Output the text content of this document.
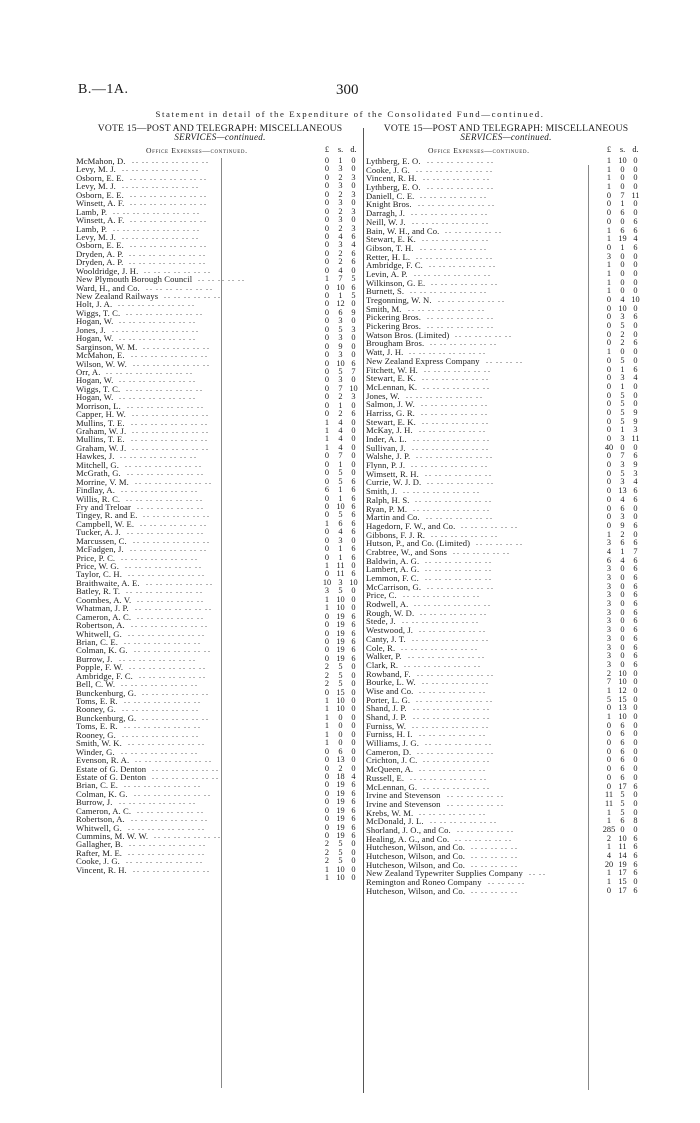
B.—1A.	300
Statement in detail of the Expenditure of the Consolidated Fund—continued.
VOTE 15—POST AND TELEGRAPH: MISCELLANEOUS
SERVICES—continued.
Office Expenses—continued.	£	s. d.
McMahon, D.	0	1	0
. .  . .  . .  . .  . .  . .  . .  . .
Levy, M. J.	0	3	0
. .  . .  . .  . .  . .  . .  . .  . .
Osborn, E. E.	0	2	3
. .  . .  . .  . .  . .  . .  . .  . .
Levy, M. J.	0	3	0
. .  . .  . .  . .  . .  . .  . .  . .
Osborn, E. E.	0	2	3
. .  . .  . .  . .  . .  . .  . .  . .
Winsett, A. F.	0	3	0
. .  . .  . .  . .  . .  . .  . .  . .
Lamb, P.	0	2	3
. .  . .  . .  . .  . .  . .  . .  . .  . .
Winsett, A. F.	0	3	0
. .  . .  . .  . .  . .  . .  . .  . .
Lamb, P.	0	2	3
. .  . .  . .  . .  . .  . .  . .  . .  . .
Levy, M. J.	0	4	6
. .  . .  . .  . .  . .  . .  . .  . .
Osborn, E. E.	0	3	4
. .  . .  . .  . .  . .  . .  . .  . .
Dryden, A. P.	0	2	6
. .  . .  . .  . .  . .  . .  . .  . .
Dryden, A. P.	0	2	6
. .  . .  . .  . .  . .  . .  . .  . .
Wooldridge, J. H.	0	4	0
. .  . .  . .  . .  . .  . .  . .
New Plymouth Borough Council	1	7	5
. .  . .  . .  . .  . .
Ward, H., and Co.	0 10 6
. .  . .  . .  . .  . .  . .  . .
New Zealand Railways	0	1	5
. .  . .  . .  . .  . .  . .
Holt, J. A.	0 12 0
. .  . .  . .  . .  . .  . .  . .  . .
Wiggs, T. C.	0	6	9
. .  . .  . .  . .  . .  . .  . .  . .
Hogan, W.	0	3	0
. .  . .  . .  . .  . .  . .  . .  . .
Jones, J.	0	5	3
. .  . .  . .  . .  . .  . .  . .  . .  . .
Hogan, W.	0	3	0
. .  . .  . .  . .  . .  . .  . .  . .
Sarginson, W. M.	0	9	0
. .  . .  . .  . .  . .  . .  . .
McMahon, E.	0	3	0
. .  . .  . .  . .  . .  . .  . .  . .
Wilson, W. W.	0 10 6
. .  . .  . .  . .  . .  . .  . .  . .
Orr, A.	0	5	7
. .  . .  . .  . .  . .  . .  . .  . .  . .
Hogan, W.	0	3	0
. .  . .  . .  . .  . .  . .  . .  . .
Wiggs, T. C.	0	7 10
. .  . .  . .  . .  . .  . .  . .  . .
Hogan, W.	0	2	3
. .  . .  . .  . .  . .  . .  . .  . .
Morrison, L.	0	1	0
. .  . .  . .  . .  . .  . .  . .  . .
Capper, H. W.	0	2	6
. .  . .  . .  . .  . .  . .  . .  . .
Mullins, T. E.	1	4	0
. .  . .  . .  . .  . .  . .  . .  . .
Graham, W. J.	1	4	0
. .  . .  . .  . .  . .  . .  . .  . .
Mullins, T. E.	1	4	0
. .  . .  . .  . .  . .  . .  . .  . .
Graham, W. J.	1	4	0
. .  . .  . .  . .  . .  . .  . .  . .
Hawkes, J.	0	7	0
. .  . .  . .  . .  . .  . .  . .  . .
Mitchell, G.	0	1	0
. .  . .  . .  . .  . .  . .  . .  . .
McGrath, G.	0	5	0
. .  . .  . .  . .  . .  . .  . .  . .
Morrine, V. M.	0	5	6
. .  . .  . .  . .  . .  . .  . .  . .
Findlay, A.	6	1	6
. .  . .  . .  . .  . .  . .  . .  . .
Willis, R. C.	0	1	6
. .  . .  . .  . .  . .  . .  . .  . .
Fry and Treloar	0 10 6
. .  . .  . .  . .  . .  . .  . .
Tingey, R. and E.	0	5	6
. .  . .  . .  . .  . .  . .  . .
Campbell, W. E.	1	6	6
. .  . .  . .  . .  . .  . .  . .
Tucker, A. J.	0	4	6
. .  . .  . .  . .  . .  . .  . .  . .
Marcussen, C.	0	3	0
. .  . .  . .  . .  . .  . .  . .  . .
McFadgen, J.	0	1	6
. .  . .  . .  . .  . .  . .  . .  . .
Price, P. C.	0	1	6
. .  . .  . .  . .  . .  . .  . .  . .
Price, W. G.	1 11 0
. .  . .  . .  . .  . .  . .  . .  . .
Taylor, C. H.	0 11 6
. .  . .  . .  . .  . .  . .  . .  . .
Braithwaite, A. E.	10 3 10
. .  . .  . .  . .  . .  . .  . .
Batley, R. T.	3	5	0
. .  . .  . .  . .  . .  . .  . .  . .
Coombes, A. V.	1 10 0
. .  . .  . .  . .  . .  . .  . .
Whatman, J. P.	1 10 0
. .  . .  . .  . .  . .  . .  . .  . .
Cameron, A. C.	0 19 6
. .  . .  . .  . .  . .  . .  . .
Robertson, A.	0 19 6
. .  . .  . .  . .  . .  . .  . .  . .
Whitwell, G.	0 19 6
. .  . .  . .  . .  . .  . .  . .  . .
Brian, C. E.	0 19 6
. .  . .  . .  . .  . .  . .  . .  . .
Colman, K. G.	0 19 6
. .  . .  . .  . .  . .  . .  . .  . .
Burrow, J.	0 19 6
. .  . .  . .  . .  . .  . .  . .  . .
Popple, F. W.	2	5	0
. .  . .  . .  . .  . .  . .  . .  . .
Ambridge, F. C.	2	5	0
. .  . .  . .  . .  . .  . .  . .
Bell, C. W.	2	5	0
. .  . .  . .  . .  . .  . .  . .  . .
Bunckenburg, G.	0 15 0
. .  . .  . .  . .  . .  . .  . .
Toms, E. R.	1 10 0
. .  . .  . .  . .  . .  . .  . .  . .
Rooney, G.	1 10 0
. .  . .  . .  . .  . .  . .  . .  . .
Bunckenburg, G.	1	0	0
. .  . .  . .  . .  . .  . .  . .
Toms, E. R.	1	0	0
. .  . .  . .  . .  . .  . .  . .  . .
Rooney, G.	1	0	0
. .  . .  . .  . .  . .  . .  . .  . .
Smith, W. K.	1	0	0
. .  . .  . .  . .  . .  . .  . .  . .
Winder, G.	0	6	0
. .  . .  . .  . .  . .  . .  . .  . .
Evenson, R. A.	0 13 0
. .  . .  . .  . .  . .  . .  . .  . .
Estate of G. Denton	0	2	0
. .  . .  . .  . .  . .  . .  . .
Estate of G. Denton	0 18 4
. .  . .  . .  . .  . .  . .  . .
Brian, C. E.	0 19 6
. .  . .  . .  . .  . .  . .  . .  . .
Colman, K. G.	0 19 6
. .  . .  . .  . .  . .  . .  . .  . .
Burrow, J.	0 19 6
. .  . .  . .  . .  . .  . .  . .  . .
Cameron, A. C.	0 19 6
. .  . .  . .  . .  . .  . .  . .
Robertson, A.	0 19 6
. .  . .  . .  . .  . .  . .  . .  . .
Whitwell, G.	0 19 6
. .  . .  . .  . .  . .  . .  . .  . .
Cummins, M. W. W.	0 19 6
. .  . .  . .  . .  . .  . .  . .
Gallagher, B.	2	5	0
. .  . .  . .  . .  . .  . .  . .  . .
Rafter, M. E.	2	5	0
. .  . .  . .  . .  . .  . .  . .  . .
Cooke, J. G.	2	5	0
. .  . .  . .  . .  . .  . .  . .  . .
Vincent, R. H.	1 10 0
. .  . .  . .  . .  . .  . .  . .  . .
1 10 0
VOTE 15—POST AND TELEGRAPH: MISCELLANEOUS
SERVICES—continued.
Office Expenses—continued.	£	s. d.
Lythberg, E. O.	1 10 0
. .  . .  . .  . .  . .  . .  . .
Cooke, J. G.	1	0	0
. .  . .  . .  . .  . .  . .  . .  . .
Vincent, R. H.	1	0	0
. .  . .  . .  . .  . .  . .  . .
Lythberg, E. O.	1	0	0
. .  . .  . .  . .  . .  . .  . .
Daniell, C. E.	0	7 11
. .  . .  . .  . .  . .  . .  . .
Knight Bros.	0	1	0
. .  . .  . .  . .  . .  . .  . .  . .
Darragh, J.	0	6	0
. .  . .  . .  . .  . .  . .  . .  . .
Neill, W. J.	0	0	6
. .  . .  . .  . .  . .  . .  . .  . .
Bain, W. H., and Co.	1	6	6
. .  . .  . .  . .  . .  . .
Stewart, E. K.	1 19 4
. .  . .  . .  . .  . .  . .  . .
Gibson, T. H.	0	1	6
. .  . .  . .  . .  . .  . .  . .
Retter, H. L.	3	0	0
. .  . .  . .  . .  . .  . .  . .  . .
Ambridge, F. C.	1	0	0
. .  . .  . .  . .  . .  . .  . .
Levin, A. P.	1	0	0
. .  . .  . .  . .  . .  . .  . .  . .
Wilkinson, G. E.	1	0	0
. .  . .  . .  . .  . .  . .  . .
Burnett, S.	1	0	0
. .  . .  . .  . .  . .  . .  . .  . .
Tregonning, W. N.	0	4 10
. .  . .  . .  . .  . .  . .  . .
Smith, M.	0 10 0
. .  . .  . .  . .  . .  . .  . .  . .
Pickering Bros.	0	3	6
. .  . .  . .  . .  . .  . .  . .
Pickering Bros.	0	5	0
. .  . .  . .  . .  . .  . .  . .
Watson Bros. (Limited)	0	2	0
. .  . .  . .  . .  . .  . .
Brougham Bros.	0	2	6
. .  . .  . .  . .  . .  . .  . .
Watt, J. H.	1	0	0
. .  . .  . .  . .  . .  . .  . .  . .
New Zealand Express Company	0	5	0
. .  . .  . .  . .
Fitchett, W. H.	0	1	6
. .  . .  . .  . .  . .  . .  . .
Stewart, E. K.	0	3	4
. .  . .  . .  . .  . .  . .  . .
McLennan, K.	0	1	0
. .  . .  . .  . .  . .  . .  . .
Jones, W.	0	5	0
. .  . .  . .  . .  . .  . .  . .  . .
Salmon, J. W.	0	5	0
. .  . .  . .  . .  . .  . .  . .
Harriss, G. R.	0	5	9
. .  . .  . .  . .  . .  . .  . .
Stewart, E. K.	0	5	9
. .  . .  . .  . .  . .  . .  . .
McKay, J. H.	0	1	3
. .  . .  . .  . .  . .  . .  . .
Inder, A. L.	0	3 11
. .  . .  . .  . .  . .  . .  . .  . .
Sullivan, J.	40 0	0
. .  . .  . .  . .  . .  . .  . .  . .
Walshe, J. P.	0	7	6
. .  . .  . .  . .  . .  . .  . .  . .
Flynn, P. J.	0	3	9
. .  . .  . .  . .  . .  . .  . .  . .
Wimsett, R. H.	0	5	3
. .  . .  . .  . .  . .  . .  . .
Currie, W. J. D.	0	3	4
. .  . .  . .  . .  . .  . .  . .
Smith, J.	0 13 6
. .  . .  . .  . .  . .  . .  . .  . .
Ralph, H. S.	0	4	6
. .  . .  . .  . .  . .  . .  . .  . .
Ryan, P. M.	0	6	0
. .  . .  . .  . .  . .  . .  . .  . .
Martin and Co.	0	3	0
. .  . .  . .  . .  . .  . .  . .
Hagedorn, F. W., and Co.	0	9	6
. .  . .  . .  . .  . .  . .
Gibbons, F. J. R.	1	2	0
. .  . .  . .  . .  . .  . .  . .
Hutson, P., and Co. (Limited)	3	6	6
. .  . .  . .  . .  . .
Crabtree, W., and Sons	4	1	7
. .  . .  . .  . .  . .  . .
Baldwin, A. G.	6	4	6
. .  . .  . .  . .  . .  . .  . .
Lambert, A. G.	3	0	6
. .  . .  . .  . .  . .  . .  . .
Lemmon, F. C.	3	0	6
. .  . .  . .  . .  . .  . .  . .
McCarrison, G.	3	0	6
. .  . .  . .  . .  . .  . .  . .
Price, C.	3	0	6
. .  . .  . .  . .  . .  . .  . .  . .
Rodwell, A.	3	0	6
. .  . .  . .  . .  . .  . .  . .  . .
Rough, W. D.	3	0	6
. .  . .  . .  . .  . .  . .  . .
Stede, J.	3	0	6
. .  . .  . .  . .  . .  . .  . .  . .
Westwood, J.	3	0	6
. .  . .  . .  . .  . .  . .  . .
Canty, J. T.	3	0	6
. .  . .  . .  . .  . .  . .  . .  . .
Cole, R.	3	0	6
. .  . .  . .  . .  . .  . .  . .  . .
Walker, P.	3	0	6
. .  . .  . .  . .  . .  . .  . .  . .
Clark, R.	3	0	6
. .  . .  . .  . .  . .  . .  . .  . .
Rowband, F.	2 10 0
. .  . .  . .  . .  . .  . .  . .  . .
Bourke, L. W.	7 10 0
. .  . .  . .  . .  . .  . .  . .
Wise and Co.	1 12 0
. .  . .  . .  . .  . .  . .  . .
Porter, L. G.	5 15 0
. .  . .  . .  . .  . .  . .  . .  . .
Shand, J. P.	0 13 0
. .  . .  . .  . .  . .  . .  . .  . .
Shand, J. P.	1 10 0
. .  . .  . .  . .  . .  . .  . .  . .
Furniss, W.	0	6	0
. .  . .  . .  . .  . .  . .  . .  . .
Furniss, H. I.	0	6	0
. .  . .  . .  . .  . .  . .  . .
Williams, J. G.	0	6	0
. .  . .  . .  . .  . .  . .  . .
Cameron, D.	0	6	0
. .  . .  . .  . .  . .  . .  . .  . .
Crichton, J. C.	0	6	0
. .  . .  . .  . .  . .  . .  . .
McQueen, A.	0	6	0
. .  . .  . .  . .  . .  . .  . .
Russell, E.	0	6	0
. .  . .  . .  . .  . .  . .  . .  . .
McLennan, G.	0 17 6
. .  . .  . .  . .  . .  . .  . .
Irvine and Stevenson	11 5	0
. .  . .  . .  . .  . .  . .
Irvine and Stevenson	11 5	0
. .  . .  . .  . .  . .  . .
Krebs, W. M.	1	5	0
. .  . .  . .  . .  . .  . .  . .
McDonald, J. L.	1	6	8
. .  . .  . .  . .  . .  . .  . .
Shorland, J. O., and Co.	285 0	0
. .  . .  . .  . .  . .  . .
Healing, A. G., and Co.	2 10 6
. .  . .  . .  . .  . .  . .
Hutcheson, Wilson, and Co.	1 11 6
. .  . .  . .  . .  . .
Hutcheson, Wilson, and Co.	4 14 6
. .  . .  . .  . .  . .
Hutcheson, Wilson, and Co.	20 19 6
. .  . .  . .  . .  . .
New Zealand Typewriter Supplies Company	1 17 6
. .  . .
Remington and Roneo Company	1 15 0
. .  . .  . .  . .
Hutcheson, Wilson, and Co.	0 17 6
. .  . .  . .  . .  . .
